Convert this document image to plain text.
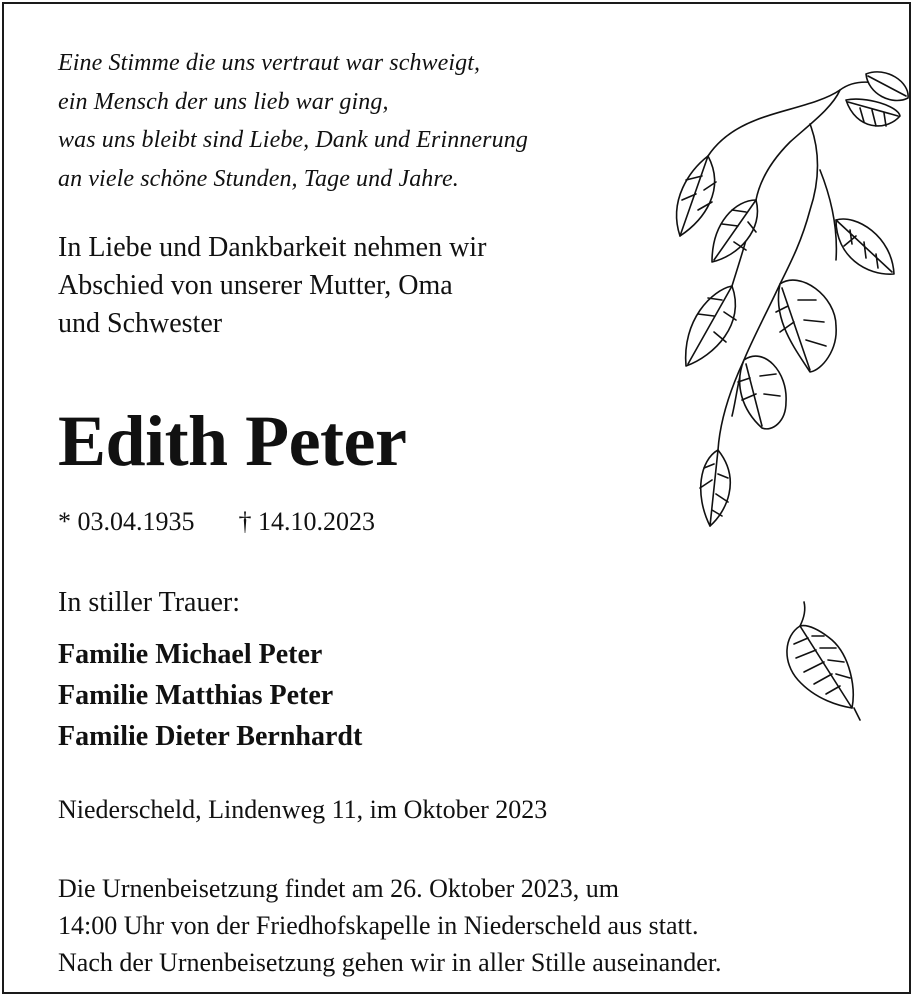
Eine Stimme die uns vertraut war schweigt,
ein Mensch der uns lieb war ging,
was uns bleibt sind Liebe, Dank und Erinnerung
an viele schöne Stunden, Tage und Jahre.
In Liebe und Dankbarkeit nehmen wir
Abschied von unserer Mutter, Oma
und Schwester
Edith Peter
* 03.04.1935 † 14.10.2023
In stiller Trauer:
Familie Michael Peter
Familie Matthias Peter
Familie Dieter Bernhardt
Niederscheld, Lindenweg 11, im Oktober 2023
Die Urnenbeisetzung findet am 26. Oktober 2023, um
14:00 Uhr von der Friedhofskapelle in Niederscheld aus statt.
Nach der Urnenbeisetzung gehen wir in aller Stille auseinander.
